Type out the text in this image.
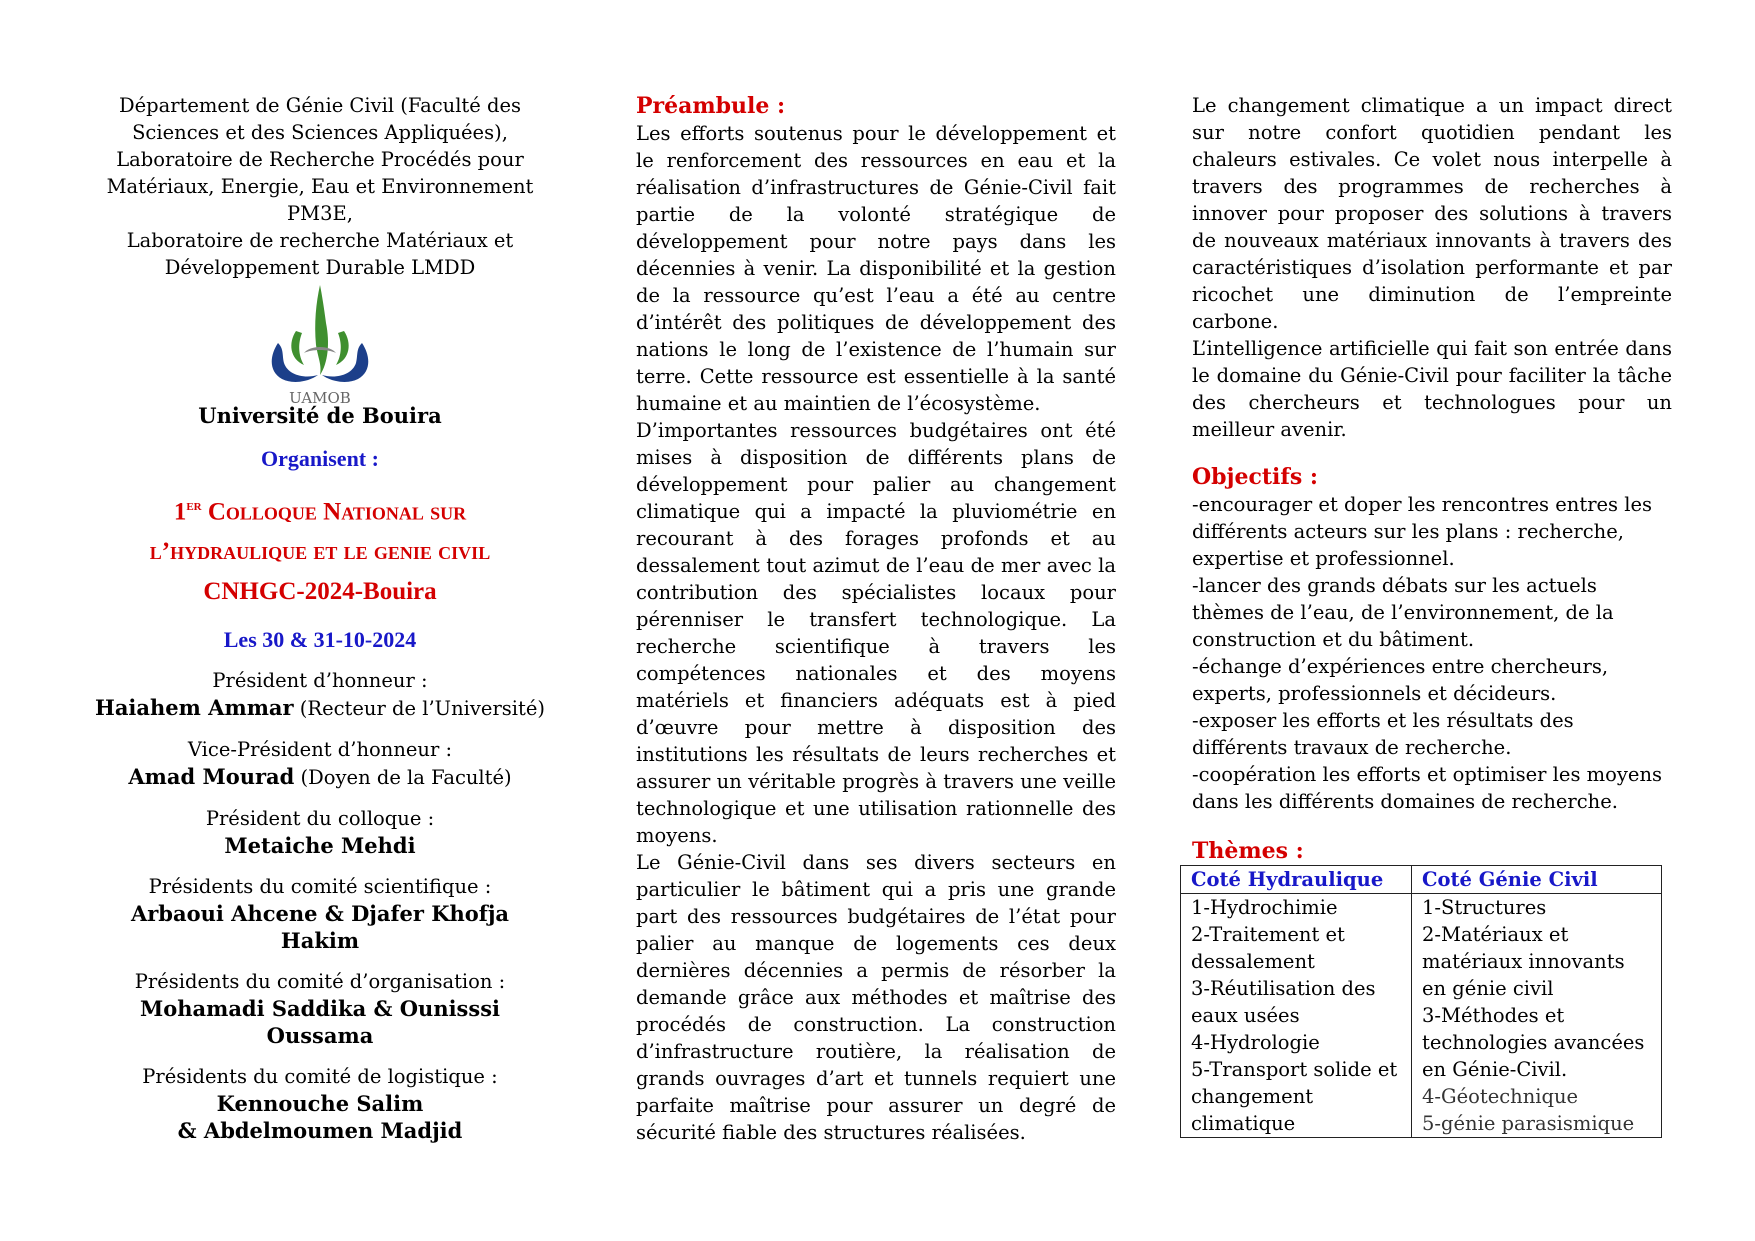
Département de Génie Civil (Faculté des
Sciences et des Sciences Appliquées),
Laboratoire de Recherche Procédés pour
Matériaux, Energie, Eau et Environnement
PM3E,
Laboratoire de recherche Matériaux et
Développement Durable LMDD
UAMOB
Université de Bouira
Organisent :
1er Colloque National sur
l’hydraulique et le genie civil
CNHGC-2024-Bouira
Les 30 & 31-10-2024
Président d’honneur :
Haiahem Ammar (Recteur de l’Université)
Vice-Président d’honneur :
Amad Mourad (Doyen de la Faculté)
Président du colloque :
Metaiche Mehdi
Présidents du comité scientifique :
Arbaoui Ahcene & Djafer Khofja Hakim
Présidents du comité d’organisation :
Mohamadi Saddika & Ounisssi Oussama
Présidents du comité de logistique :
Kennouche Salim
& Abdelmoumen Madjid
Préambule :

Les efforts soutenus pour le développement et le renforcement des ressources en eau et la réalisation d’infrastructures de Génie-Civil fait partie de la volonté stratégique de développement pour notre pays dans les décennies à venir. La disponibilité et la gestion de la ressource qu’est l’eau a été au centre d’intérêt des politiques de développement des nations le long de l’existence de l’humain sur terre. Cette ressource est essentielle à la santé humaine et au maintien de l’écosystème.

D’importantes ressources budgétaires ont été mises à disposition de différents plans de développement pour palier au changement climatique qui a impacté la pluviométrie en recourant à des forages profonds et au dessalement tout azimut de l’eau de mer avec la contribution des spécialistes locaux pour pérenniser le transfert technologique. La recherche scientifique à travers les compétences nationales et des moyens matériels et financiers adéquats est à pied d’œuvre pour mettre à disposition des institutions les résultats de leurs recherches et assurer un véritable progrès à travers une veille technologique et une utilisation rationnelle des moyens.

Le Génie-Civil dans ses divers secteurs en particulier le bâtiment qui a pris une grande part des ressources budgétaires de l’état pour palier au manque de logements ces deux dernières décennies a permis de résorber la demande grâce aux méthodes et maîtrise des procédés de construction. La construction d’infrastructure routière, la réalisation de grands ouvrages d’art et tunnels requiert une parfaite maîtrise pour assurer un degré de sécurité fiable des structures réalisées.

Le changement climatique a un impact direct sur notre confort quotidien pendant les chaleurs estivales. Ce volet nous interpelle à travers des programmes de recherches à innover pour proposer des solutions à travers de nouveaux matériaux innovants à travers des caractéristiques d’isolation performante et par ricochet une diminution de l’empreinte carbone.

L’intelligence artificielle qui fait son entrée dans le domaine du Génie-Civil pour faciliter la tâche des chercheurs et technologues pour un meilleur avenir.

Objectifs :
-encourager et doper les rencontres entres les différents acteurs sur les plans : recherche, expertise et professionnel.
-lancer des grands débats sur les actuels thèmes de l’eau, de l’environnement, de la construction et du bâtiment.
-échange d’expériences entre chercheurs, experts, professionnels et décideurs.
-exposer les efforts et les résultats des différents travaux de recherche.
-coopération les efforts et optimiser les moyens dans les différents domaines de recherche.
Thèmes :
Coté Hydraulique	Coté Génie Civil

1-Hydrochimie
2-Traitement et dessalement
3-Réutilisation des eaux usées
4-Hydrologie
5-Transport solide et changement climatique	1-Structures
2-Matériaux et matériaux innovants en génie civil
3-Méthodes et technologies avancées en Génie-Civil.
4-Géotechnique
5-génie parasismique
